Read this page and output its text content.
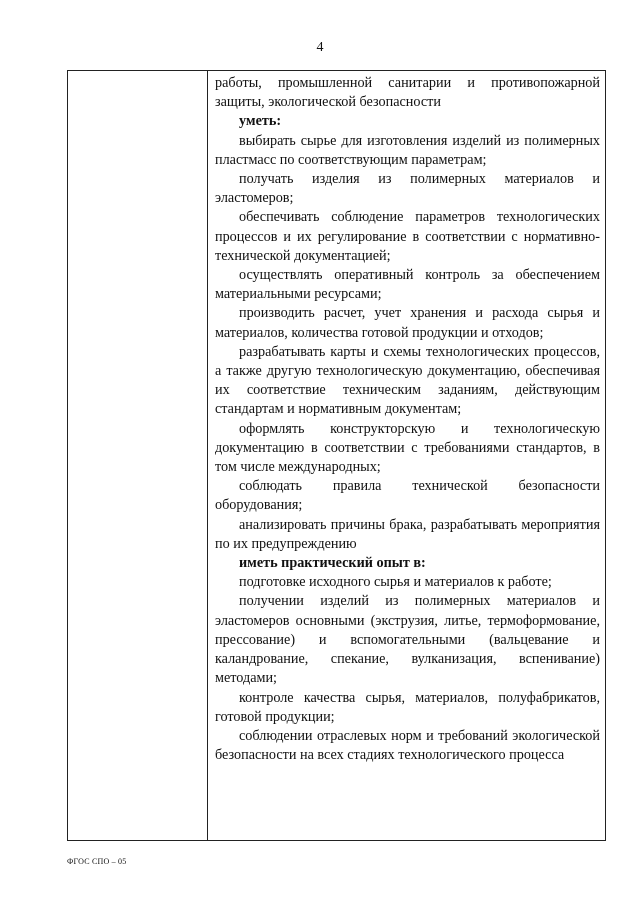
4

работы, промышленной санитарии и противопожарной защиты, экологической безопасности

уметь:

выбирать сырье для изготовления изделий из полимерных пластмасс по соответствующим параметрам;

получать изделия из полимерных материалов и эластомеров;

обеспечивать соблюдение параметров технологических процессов и их регулирование в соответствии с нормативно-технической документацией;

осуществлять оперативный контроль за обеспечением материальными ресурсами;

производить расчет, учет хранения и расхода сырья и материалов, количества готовой продукции и отходов;

разрабатывать карты и схемы технологических процессов, а также другую технологическую документацию, обеспечивая их соответствие техническим заданиям, действующим стандартам и нормативным документам;

оформлять конструкторскую и технологическую документацию в соответствии с требованиями стандартов, в том числе международных;

соблюдать правила технической безопасности оборудования;

анализировать причины брака, разрабатывать мероприятия по их предупреждению

иметь практический опыт в:

подготовке исходного сырья и материалов к работе;

получении изделий из полимерных материалов и эластомеров основными (экструзия, литье, термоформование, прессование) и вспомогательными (вальцевание и каландрование, спекание, вулканизация, вспенивание) методами;

контроле качества сырья, материалов, полуфабрикатов, готовой продукции;

соблюдении отраслевых норм и требований экологической безопасности на всех стадиях технологического процесса

ФГОС СПО – 05
